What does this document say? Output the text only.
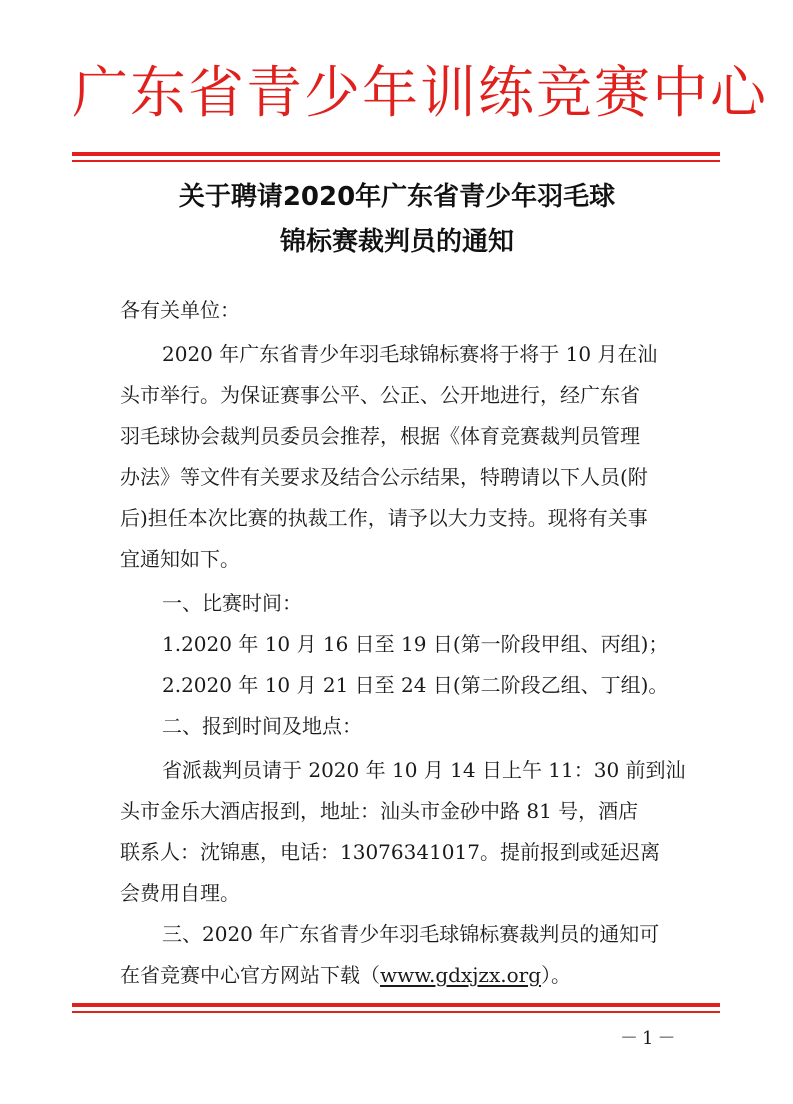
广东省青少年训练竞赛中心
关于聘请2020年广东省青少年羽毛球
锦标赛裁判员的通知
各有关单位：
2020 年广东省青少年羽毛球锦标赛将于将于 10 月在汕
头市举行。为保证赛事公平、公正、公开地进行，经广东省
羽毛球协会裁判员委员会推荐，根据《体育竞赛裁判员管理
办法》等文件有关要求及结合公示结果，特聘请以下人员(附
后)担任本次比赛的执裁工作，请予以大力支持。现将有关事
宜通知如下。
一、比赛时间：
1.2020 年 10 月 16 日至 19 日(第一阶段甲组、丙组)；
2.2020 年 10 月 21 日至 24 日(第二阶段乙组、丁组)。
二、报到时间及地点：
省派裁判员请于 2020 年 10 月 14 日上午 11：30 前到汕
头市金乐大酒店报到，地址：汕头市金砂中路 81 号，酒店
联系人：沈锦惠，电话：13076341017。提前报到或延迟离
会费用自理。
三、2020 年广东省青少年羽毛球锦标赛裁判员的通知可
在省竞赛中心官方网站下载（www.gdxjzx.org）。
－1－
